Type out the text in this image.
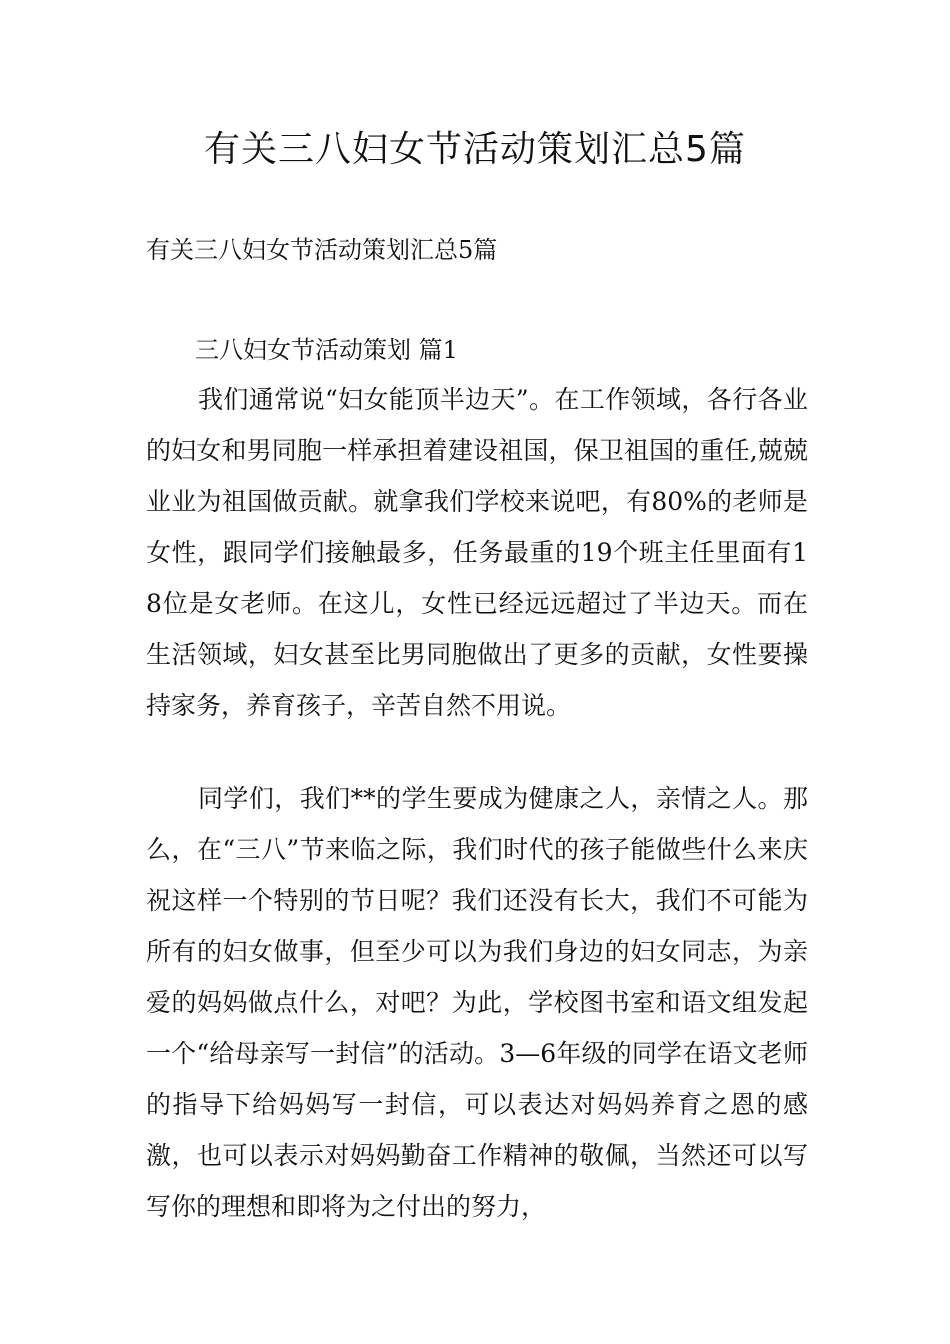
有关三八妇女节活动策划汇总5篇

有关三八妇女节活动策划汇总5篇

三八妇女节活动策划 篇1

我们通常说“妇女能顶半边天”。在工作领域，各行各业的妇女和男同胞一样承担着建设祖国，保卫祖国的重任,兢兢业业为祖国做贡献。就拿我们学校来说吧，有80%的老师是女性，跟同学们接触最多，任务最重的19个班主任里面有18位是女老师。在这儿，女性已经远远超过了半边天。而在生活领域，妇女甚至比男同胞做出了更多的贡献，女性要操持家务，养育孩子，辛苦自然不用说。

同学们，我们**的学生要成为健康之人，亲情之人。那么，在“三八”节来临之际，我们时代的孩子能做些什么来庆祝这样一个特别的节日呢？我们还没有长大，我们不可能为所有的妇女做事，但至少可以为我们身边的妇女同志，为亲爱的妈妈做点什么，对吧？为此，学校图书室和语文组发起一个“给母亲写一封信”的活动。3—6年级的同学在语文老师的指导下给妈妈写一封信，可以表达对妈妈养育之恩的感激，也可以表示对妈妈勤奋工作精神的敬佩，当然还可以写写你的理想和即将为之付出的努力，
